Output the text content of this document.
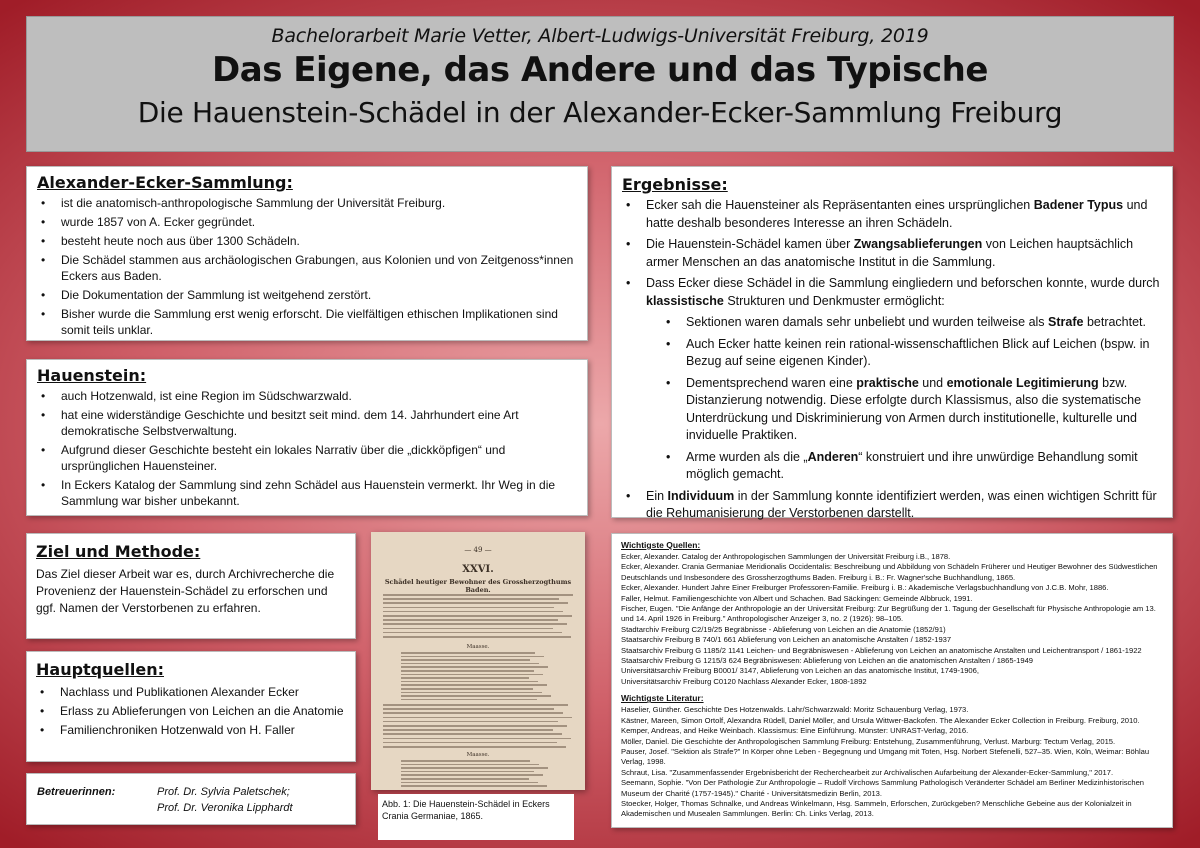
Bachelorarbeit Marie Vetter, Albert-Ludwigs-Universität Freiburg, 2019
Das Eigene, das Andere und das Typische
Die Hauenstein-Schädel in der Alexander-Ecker-Sammlung Freiburg
Alexander-Ecker-Sammlung:
• ist die anatomisch-anthropologische Sammlung der Universität Freiburg.
• wurde 1857 von A. Ecker gegründet.
• besteht heute noch aus über 1300 Schädeln.
• Die Schädel stammen aus archäologischen Grabungen, aus Kolonien und von Zeitgenoss*innen Eckers aus Baden.
• Die Dokumentation der Sammlung ist weitgehend zerstört.
• Bisher wurde die Sammlung erst wenig erforscht. Die vielfältigen ethischen Implikationen sind somit teils unklar.
Hauenstein:
• auch Hotzenwald, ist eine Region im Südschwarzwald.
• hat eine widerständige Geschichte und besitzt seit mind. dem 14. Jahrhundert eine Art demokratische Selbstverwaltung.
• Aufgrund dieser Geschichte besteht ein lokales Narrativ über die „dickköpfigen“ und ursprünglichen Hauensteiner.
• In Eckers Katalog der Sammlung sind zehn Schädel aus Hauenstein vermerkt. Ihr Weg in die Sammlung war bisher unbekannt.
Ziel und Methode:

Das Ziel dieser Arbeit war es, durch Archivrecherche die Provenienz der Hauenstein-Schädel zu erforschen und ggf. Namen der Verstorbenen zu erfahren.

Hauptquellen:
• Nachlass und Publikationen Alexander Ecker
• Erlass zu Ablieferungen von Leichen an die Anatomie
• Familienchroniken Hotzenwald von H. Faller
Betreuerinnen:	Prof. Dr. Sylvia Paletschek;
Prof. Dr. Veronika Lipphardt
— 49 —
XXVI.
Schädel heutiger Bewohner des Grossherzogthums Baden.
Maasse.
Maasse.
Abb. 1: Die Hauenstein-Schädel in Eckers Crania Germaniae, 1865.
Ergebnisse:
• Ecker sah die Hauensteiner als Repräsentanten eines ursprünglichen Badener Typus und hatte deshalb besonderes Interesse an ihren Schädeln.
• Die Hauenstein-Schädel kamen über Zwangsablieferungen von Leichen hauptsächlich armer Menschen an das anatomische Institut in die Sammlung.
• Dass Ecker diese Schädel in die Sammlung eingliedern und beforschen konnte, wurde durch klassistische Strukturen und Denkmuster ermöglicht:
• Sektionen waren damals sehr unbeliebt und wurden teilweise als Strafe betrachtet.
• Auch Ecker hatte keinen rein rational-wissenschaftlichen Blick auf Leichen (bspw. in Bezug auf seine eigenen Kinder).
• Dementsprechend waren eine praktische und emotionale Legitimierung bzw. Distanzierung notwendig. Diese erfolgte durch Klassismus, also die systematische Unterdrückung und Diskriminierung von Armen durch institutionelle, kulturelle und inviduelle Praktiken.
• Arme wurden als die „Anderen“ konstruiert und ihre unwürdige Behandlung somit möglich gemacht.
• Ein Individuum in der Sammlung konnte identifiziert werden, was einen wichtigen Schritt für die Rehumanisierung der Verstorbenen darstellt.
Wichtigste Quellen:

Ecker, Alexander. Catalog der Anthropologischen Sammlungen der Universität Freiburg i.B., 1878.

Ecker, Alexander. Crania Germaniae Meridionalis Occidentalis: Beschreibung und Abbildung von Schädeln Früherer und Heutiger Bewohner des Südwestlichen Deutschlands und Insbesondere des Grossherzogthums Baden. Freiburg i. B.: Fr. Wagner'sche Buchhandlung, 1865.

Ecker, Alexander. Hundert Jahre Einer Freiburger Professoren-Familie. Freiburg i. B.: Akademische Verlagsbuchhandlung von J.C.B. Mohr, 1886.

Faller, Helmut. Familiengeschichte von Albert und Schachen. Bad Säckingen: Gemeinde Albbruck, 1991.

Fischer, Eugen. "Die Anfänge der Anthropologie an der Universität Freiburg: Zur Begrüßung der 1. Tagung der Gesellschaft für Physische Anthropologie am 13. und 14. April 1926 in Freiburg." Anthropologischer Anzeiger 3, no. 2 (1926): 98–105.

Stadtarchiv Freiburg C2/19/25 Begräbnisse - Ablieferung von Leichen an die Anatomie (1852/91)

Staatsarchiv Freiburg B 740/1 661 Ablieferung von Leichen an anatomische Anstalten / 1852-1937

Staatsarchiv Freiburg G 1185/2 1141 Leichen- und Begräbniswesen - Ablieferung von Leichen an anatomische Anstalten und Leichentransport / 1861-1922

Staatsarchiv Freiburg G 1215/3 624 Begräbniswesen: Ablieferung von Leichen an die anatomischen Anstalten / 1865-1949

Universitätsarchiv Freiburg B0001/ 3147, Ablieferung von Leichen an das anatomische Institut, 1749-1906,

Universitätsarchiv Freiburg C0120 Nachlass Alexander Ecker, 1808-1892

Wichtigste Literatur:

Haselier, Günther. Geschichte Des Hotzenwalds. Lahr/Schwarzwald: Moritz Schauenburg Verlag, 1973.

Kästner, Mareen, Simon Ortolf, Alexandra Rüdell, Daniel Möller, and Ursula Wittwer-Backofen. The Alexander Ecker Collection in Freiburg. Freiburg, 2010.

Kemper, Andreas, and Heike Weinbach. Klassismus: Eine Einführung. Münster: UNRAST-Verlag, 2016.

Möller, Daniel. Die Geschichte der Anthropologischen Sammlung Freiburg: Entstehung, Zusammenführung, Verlust. Marburg: Tectum Verlag, 2015.

Pauser, Josef. "Sektion als Strafe?" In Körper ohne Leben - Begegnung und Umgang mit Toten, Hsg. Norbert Stefenelli, 527–35. Wien, Köln, Weimar: Böhlau Verlag, 1998.

Schraut, Lisa. "Zusammenfassender Ergebnisbericht der Recherchearbeit zur Archivalischen Aufarbeitung der Alexander-Ecker-Sammlung," 2017.

Seemann, Sophie. "Von Der Pathologie Zur Anthropologie – Rudolf Virchows Sammlung Pathologisch Veränderter Schädel am Berliner Medizinhistorischen Museum der Charité (1757-1945)." Charité - Universitätsmedizin Berlin, 2013.

Stoecker, Holger, Thomas Schnalke, und Andreas Winkelmann, Hsg. Sammeln, Erforschen, Zurückgeben? Menschliche Gebeine aus der Kolonialzeit in Akademischen und Musealen Sammlungen. Berlin: Ch. Links Verlag, 2013.
